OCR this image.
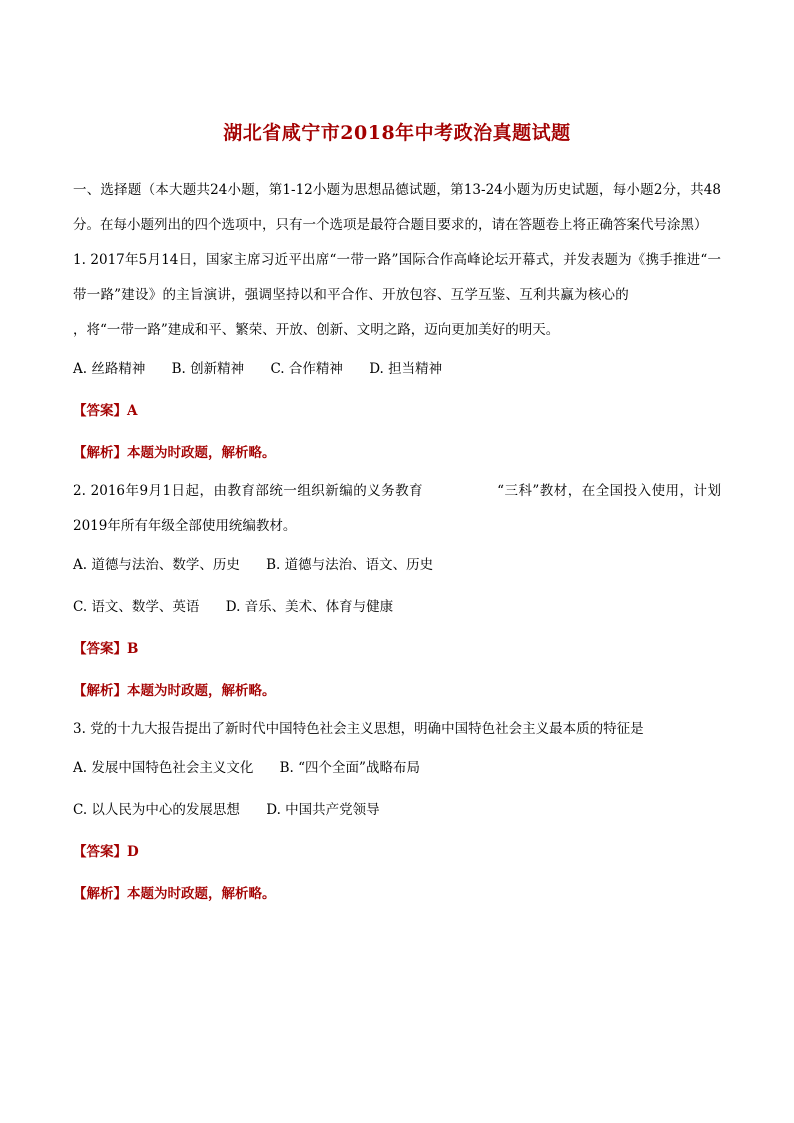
湖北省咸宁市2018年中考政治真题试题
一、选择题（本大题共24小题，第1-12小题为思想品德试题，第13-24小题为历史试题，每小题2分，共48分。在每小题列出的四个选项中，只有一个选项是最符合题目要求的，请在答题卷上将正确答案代号涂黑）
1. 2017年5月14日，国家主席习近平出席“一带一路”国际合作高峰论坛开幕式，并发表题为《携手推进“一带一路”建设》的主旨演讲，强调坚持以和平合作、开放包容、互学互鉴、互利共赢为核心的，将“一带一路”建成和平、繁荣、开放、创新、文明之路，迈向更加美好的明天。
A. 丝路精神 B. 创新精神 C. 合作精神 D. 担当精神
【答案】A
【解析】本题为时政题，解析略。
2. 2016年9月1日起，由教育部统一组织新编的义务教育	“三科”教材，在全国投入使用，计划2019年所有年级全部使用统编教材。
A. 道德与法治、数学、历史 B. 道德与法治、语文、历史
C. 语文、数学、英语 D. 音乐、美术、体育与健康
【答案】B
【解析】本题为时政题，解析略。
3. 党的十九大报告提出了新时代中国特色社会主义思想，明确中国特色社会主义最本质的特征是
A. 发展中国特色社会主义文化 B. “四个全面”战略布局
C. 以人民为中心的发展思想 D. 中国共产党领导
【答案】D
【解析】本题为时政题，解析略。
